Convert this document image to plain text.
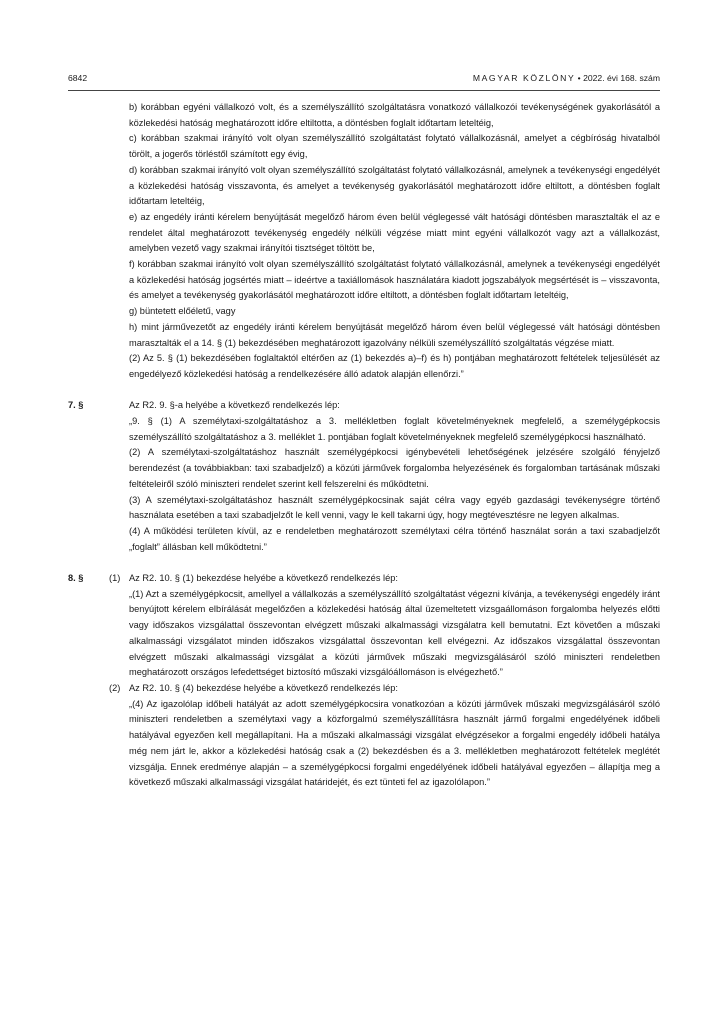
6842	MAGYAR KÖZLÖNY • 2022. évi 168. szám

b) korábban egyéni vállalkozó volt, és a személyszállító szolgáltatásra vonatkozó vállalkozói tevékenységének gyakorlásától a közlekedési hatóság meghatározott időre eltiltotta, a döntésben foglalt időtartam leteltéig,

c) korábban szakmai irányító volt olyan személyszállító szolgáltatást folytató vállalkozásnál, amelyet a cégbíróság hivatalból törölt, a jogerős törléstől számított egy évig,

d) korábban szakmai irányító volt olyan személyszállító szolgáltatást folytató vállalkozásnál, amelynek a tevékenységi engedélyét a közlekedési hatóság visszavonta, és amelyet a tevékenység gyakorlásától meghatározott időre eltiltott, a döntésben foglalt időtartam leteltéig,

e) az engedély iránti kérelem benyújtását megelőző három éven belül véglegessé vált hatósági döntésben marasztalták el az e rendelet által meghatározott tevékenység engedély nélküli végzése miatt mint egyéni vállalkozót vagy azt a vállalkozást, amelyben vezető vagy szakmai irányítói tisztséget töltött be,

f) korábban szakmai irányító volt olyan személyszállító szolgáltatást folytató vállalkozásnál, amelynek a tevékenységi engedélyét a közlekedési hatóság jogsértés miatt – ideértve a taxiállomások használatára kiadott jogszabályok megsértését is – visszavonta, és amelyet a tevékenység gyakorlásától meghatározott időre eltiltott, a döntésben foglalt időtartam leteltéig,

g) büntetett előéletű, vagy

h) mint járművezetőt az engedély iránti kérelem benyújtását megelőző három éven belül véglegessé vált hatósági döntésben marasztalták el a 14. § (1) bekezdésében meghatározott igazolvány nélküli személyszállító szolgáltatás végzése miatt.

(2) Az 5. § (1) bekezdésében foglaltaktól eltérően az (1) bekezdés a)–f) és h) pontjában meghatározott feltételek teljesülését az engedélyező közlekedési hatóság a rendelkezésére álló adatok alapján ellenőrzi.”

7. §	Az R2. 9. §-a helyébe a következő rendelkezés lép:

„9. § (1) A személytaxi-szolgáltatáshoz a 3. mellékletben foglalt követelményeknek megfelelő, a személygépkocsis személyszállító szolgáltatáshoz a 3. melléklet 1. pontjában foglalt követelményeknek megfelelő személygépkocsi használható.

(2) A személytaxi-szolgáltatáshoz használt személygépkocsi igénybevételi lehetőségének jelzésére szolgáló fényjelző berendezést (a továbbiakban: taxi szabadjelző) a közúti járművek forgalomba helyezésének és forgalomban tartásának műszaki feltételeiről szóló miniszteri rendelet szerint kell felszerelni és működtetni.

(3) A személytaxi-szolgáltatáshoz használt személygépkocsinak saját célra vagy egyéb gazdasági tevékenységre történő használata esetében a taxi szabadjelzőt le kell venni, vagy le kell takarni úgy, hogy megtévesztésre ne legyen alkalmas.

(4) A működési területen kívül, az e rendeletben meghatározott személytaxi célra történő használat során a taxi szabadjelzőt „foglalt” állásban kell működtetni.”

8. §	(1) Az R2. 10. § (1) bekezdése helyébe a következő rendelkezés lép:

„(1) Azt a személygépkocsit, amellyel a vállalkozás a személyszállító szolgáltatást végezni kívánja, a tevékenységi engedély iránt benyújtott kérelem elbírálását megelőzően a közlekedési hatóság által üzemeltetett vizsgaállomáson forgalomba helyezés előtti vagy időszakos vizsgálattal összevontan elvégzett műszaki alkalmassági vizsgálatra kell bemutatni. Ezt követően a műszaki alkalmassági vizsgálatot minden időszakos vizsgálattal összevontan kell elvégezni. Az időszakos vizsgálattal összevontan elvégzett műszaki alkalmassági vizsgálat a közúti járművek műszaki megvizsgálásáról szóló miniszteri rendeletben meghatározott országos lefedettséget biztosító műszaki vizsgálóállomáson is elvégezhető.”

(2) Az R2. 10. § (4) bekezdése helyébe a következő rendelkezés lép:

„(4) Az igazolólap időbeli hatályát az adott személygépkocsira vonatkozóan a közúti járművek műszaki megvizsgálásáról szóló miniszteri rendeletben a személytaxi vagy a közforgalmú személyszállításra használt jármű forgalmi engedélyének időbeli hatályával egyezően kell megállapítani. Ha a műszaki alkalmassági vizsgálat elvégzésekor a forgalmi engedély időbeli hatálya még nem járt le, akkor a közlekedési hatóság csak a (2) bekezdésben és a 3. mellékletben meghatározott feltételek meglétét vizsgálja. Ennek eredménye alapján – a személygépkocsi forgalmi engedélyének időbeli hatályával egyezően – állapítja meg a következő műszaki alkalmassági vizsgálat határidejét, és ezt tünteti fel az igazolólapon.”
